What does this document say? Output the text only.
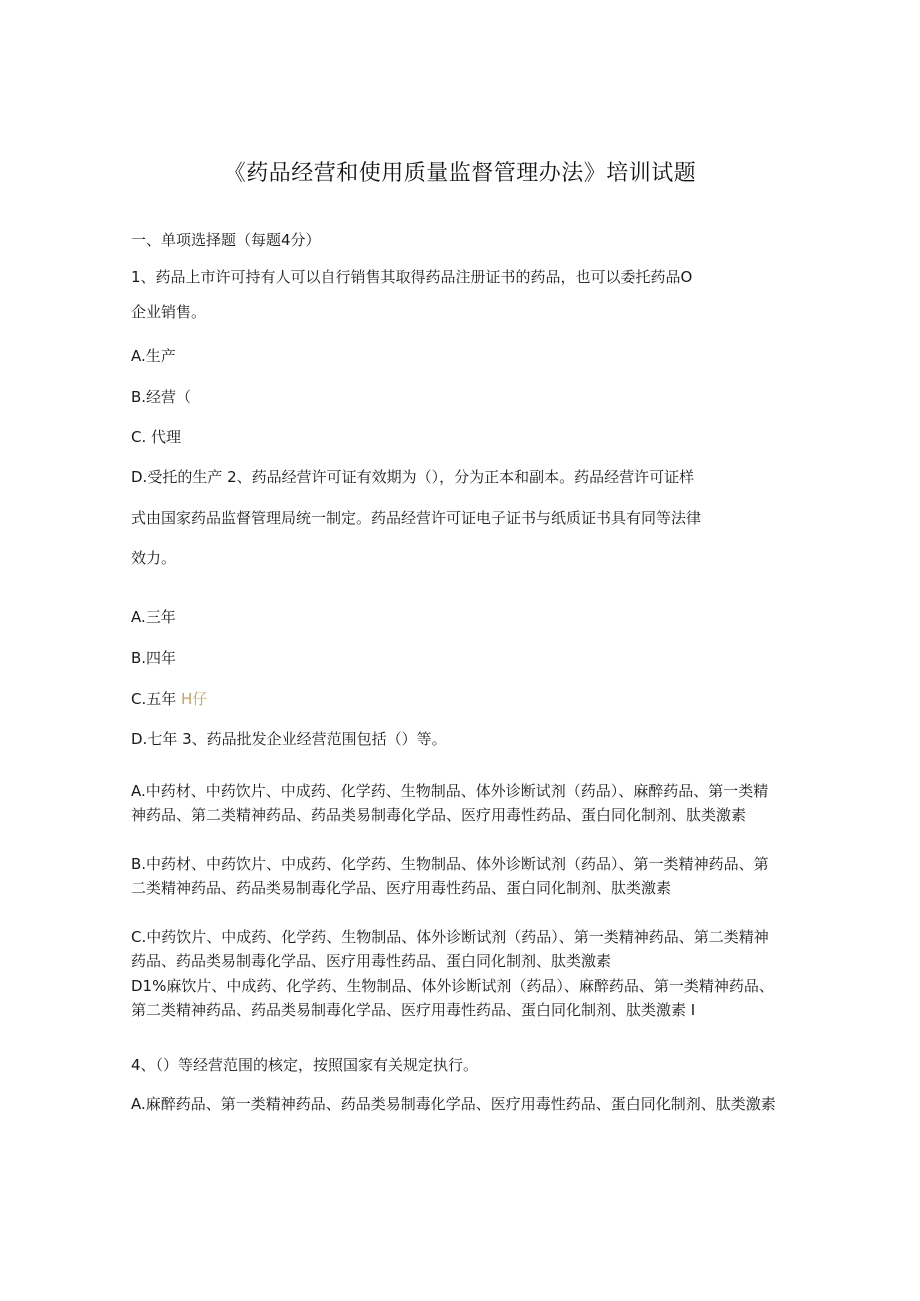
《药品经营和使用质量监督管理办法》培训试题
一、单项选择题（每题4分）
1、药品上市许可持有人可以自行销售其取得药品注册证书的药品，也可以委托药品O
企业销售。
A.生产
B.经营（
C. 代理
D.受托的生产 2、药品经营许可证有效期为（），分为正本和副本。药品经营许可证样
式由国家药品监督管理局统一制定。药品经营许可证电子证书与纸质证书具有同等法律
效力。
A.三年
B.四年
C.五年 H仔
D.七年 3、药品批发企业经营范围包括（）等。
A.中药材、中药饮片、中成药、化学药、生物制品、体外诊断试剂（药品）、麻醉药品、第一类精神药品、第二类精神药品、药品类易制毒化学品、医疗用毒性药品、蛋白同化制剂、肽类激素
B.中药材、中药饮片、中成药、化学药、生物制品、体外诊断试剂（药品）、第一类精神药品、第二类精神药品、药品类易制毒化学品、医疗用毒性药品、蛋白同化制剂、肽类激素
C.中药饮片、中成药、化学药、生物制品、体外诊断试剂（药品）、第一类精神药品、第二类精神药品、药品类易制毒化学品、医疗用毒性药品、蛋白同化制剂、肽类激素
D1%麻饮片、中成药、化学药、生物制品、体外诊断试剂（药品）、麻醉药品、第一类精神药品、第二类精神药品、药品类易制毒化学品、医疗用毒性药品、蛋白同化制剂、肽类激素 I
4、（）等经营范围的核定，按照国家有关规定执行。
A.麻醉药品、第一类精神药品、药品类易制毒化学品、医疗用毒性药品、蛋白同化制剂、肽类激素
